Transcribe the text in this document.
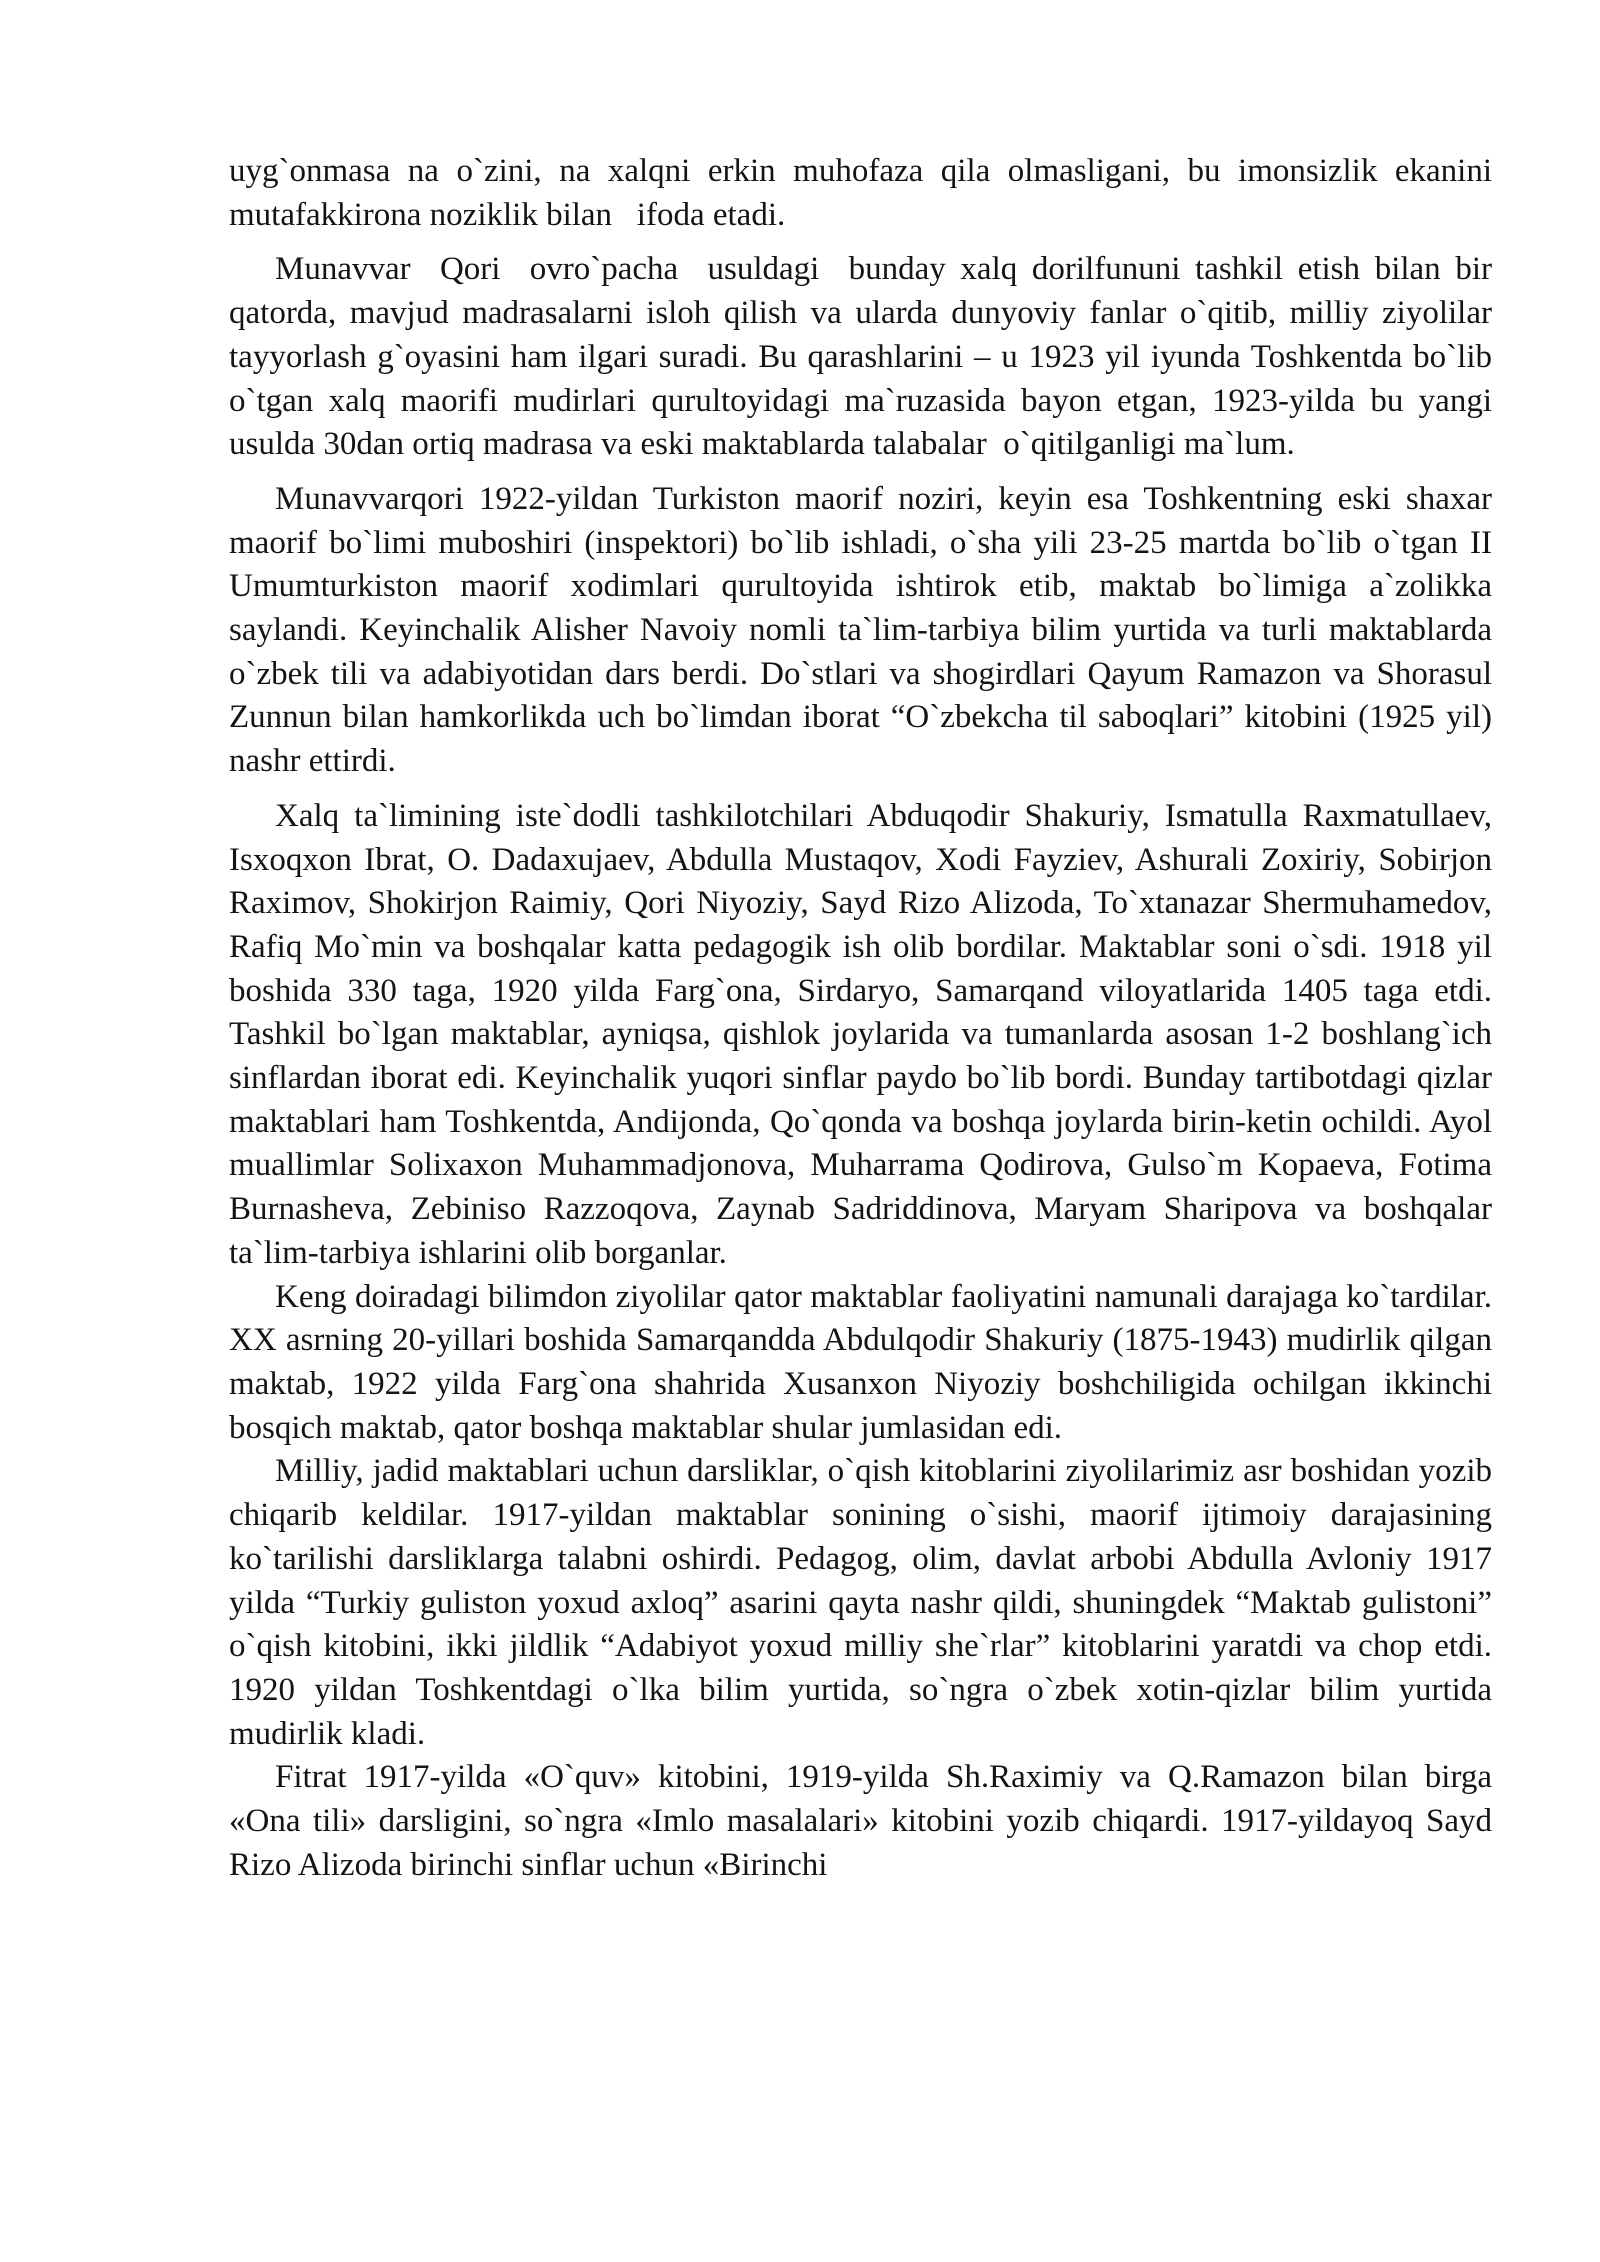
uyg`onmasa na o`zini, na xalqni erkin muhofaza qila olmasligani, bu imonsizlik ekanini mutafakkirona noziklik bilan   ifoda etadi.

Munavvar  Qori  ovro`pacha  usuldagi  bunday xalq dorilfununi tashkil etish bilan bir qatorda, mavjud madrasalarni isloh qilish va ularda dunyoviy fanlar o`qitib, milliy ziyolilar tayyorlash g`oyasini ham ilgari suradi. Bu qarashlarini – u 1923 yil iyunda Toshkentda bo`lib o`tgan xalq maorifi mudirlari qurultoyidagi ma`ruzasida bayon etgan, 1923-yilda bu yangi usulda 30dan ortiq madrasa va eski maktablarda talabalar  o`qitilganligi ma`lum.

Munavvarqori 1922-yildan Turkiston maorif noziri, keyin esa Toshkentning eski shaxar maorif bo`limi muboshiri (inspektori) bo`lib ishladi, o`sha yili 23-25 martda bo`lib o`tgan II Umumturkiston maorif xodimlari qurultoyida ishtirok etib, maktab bo`limiga a`zolikka saylandi. Keyinchalik Alisher Navoiy nomli ta`lim-tarbiya bilim yurtida va turli maktablarda o`zbek tili va adabiyotidan dars berdi. Do`stlari va shogirdlari Qayum Ramazon va Shorasul Zunnun bilan hamkorlikda uch bo`limdan iborat “O`zbekcha til saboqlari” kitobini (1925 yil) nashr ettirdi.

Xalq ta`limining iste`dodli tashkilotchilari Abduqodir Shakuriy, Ismatulla Raxmatullaev, Isxoqxon Ibrat, O. Dadaxujaev, Abdulla Mustaqov, Xodi Fayziev, Ashurali Zoxiriy, Sobirjon Raximov, Shokirjon Raimiy, Qori Niyoziy, Sayd Rizo Alizoda, To`xtanazar Shermuhamedov, Rafiq Mo`min va boshqalar katta pedagogik ish olib bordilar. Maktablar soni o`sdi. 1918 yil boshida 330 taga, 1920 yilda Farg`ona, Sirdaryo, Samarqand viloyatlarida 1405 taga etdi. Tashkil bo`lgan maktablar, ayniqsa, qishlok joylarida va tumanlarda asosan 1-2 boshlang`ich sinflardan iborat edi. Keyinchalik yuqori sinflar paydo bo`lib bordi. Bunday tartibotdagi qizlar maktablari ham Toshkentda, Andijonda, Qo`qonda va boshqa joylarda birin-ketin ochildi. Ayol muallimlar Solixaxon Muhammadjonova, Muharrama Qodirova, Gulso`m Kopaeva, Fotima Burnasheva, Zebiniso Razzoqova, Zaynab Sadriddinova, Maryam Sharipova va boshqalar ta`lim-tarbiya ishlarini olib borganlar.

Keng doiradagi bilimdon ziyolilar qator maktablar faoliyatini namunali darajaga ko`tardilar. XX asrning 20-yillari boshida Samarqandda Abdulqodir Shakuriy (1875-1943) mudirlik qilgan maktab, 1922 yilda Farg`ona shahrida Xusanxon Niyoziy boshchiligida ochilgan ikkinchi bosqich maktab, qator boshqa maktablar shular jumlasidan edi.

Milliy, jadid maktablari uchun darsliklar, o`qish kitoblarini ziyolilarimiz asr boshidan yozib chiqarib keldilar. 1917-yildan maktablar sonining o`sishi, maorif ijtimoiy darajasining ko`tarilishi darsliklarga talabni oshirdi. Pedagog, olim, davlat arbobi Abdulla Avloniy 1917 yilda “Turkiy guliston yoxud axloq” asarini qayta nashr qildi, shuningdek “Maktab gulistoni” o`qish kitobini, ikki jildlik “Adabiyot yoxud milliy she`rlar” kitoblarini yaratdi va chop etdi. 1920 yildan Toshkentdagi o`lka bilim yurtida, so`ngra o`zbek xotin-qizlar bilim yurtida mudirlik kladi.

Fitrat 1917-yilda «O`quv» kitobini, 1919-yilda Sh.Raximiy va Q.Ramazon bilan birga «Ona tili» darsligini, so`ngra «Imlo masalalari» kitobini yozib chiqardi. 1917-yildayoq Sayd Rizo Alizoda birinchi sinflar uchun «Birinchi
